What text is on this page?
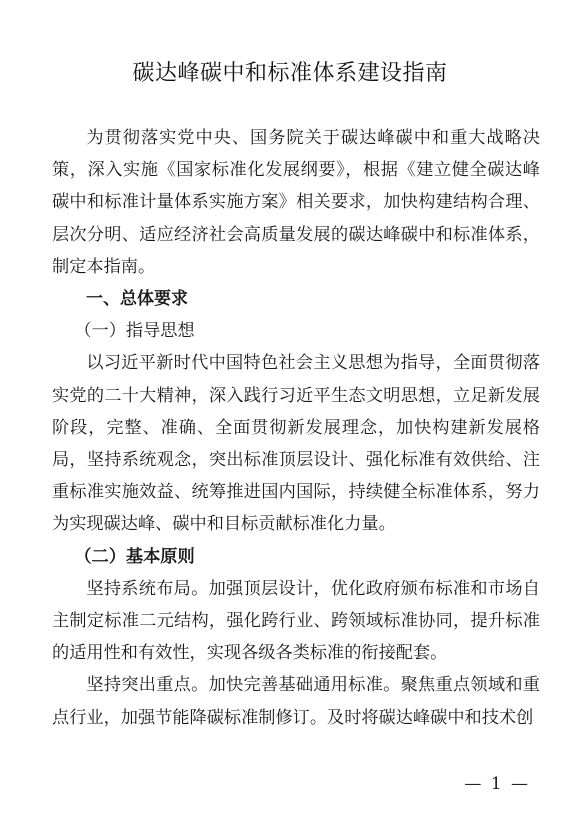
碳达峰碳中和标准体系建设指南

为贯彻落实党中央、国务院关于碳达峰碳中和重大战略决策，深入实施《国家标准化发展纲要》，根据《建立健全碳达峰碳中和标准计量体系实施方案》相关要求，加快构建结构合理、层次分明、适应经济社会高质量发展的碳达峰碳中和标准体系，制定本指南。

一、总体要求

（一）指导思想

以习近平新时代中国特色社会主义思想为指导，全面贯彻落实党的二十大精神，深入践行习近平生态文明思想，立足新发展阶段，完整、准确、全面贯彻新发展理念，加快构建新发展格局，坚持系统观念，突出标准顶层设计、强化标准有效供给、注重标准实施效益、统筹推进国内国际，持续健全标准体系，努力为实现碳达峰、碳中和目标贡献标准化力量。

（二）基本原则

坚持系统布局。加强顶层设计，优化政府颁布标准和市场自主制定标准二元结构，强化跨行业、跨领域标准协同，提升标准的适用性和有效性，实现各级各类标准的衔接配套。

坚持突出重点。加快完善基础通用标准。聚焦重点领域和重点行业，加强节能降碳标准制修订。及时将碳达峰碳中和技术创

— 1 —
